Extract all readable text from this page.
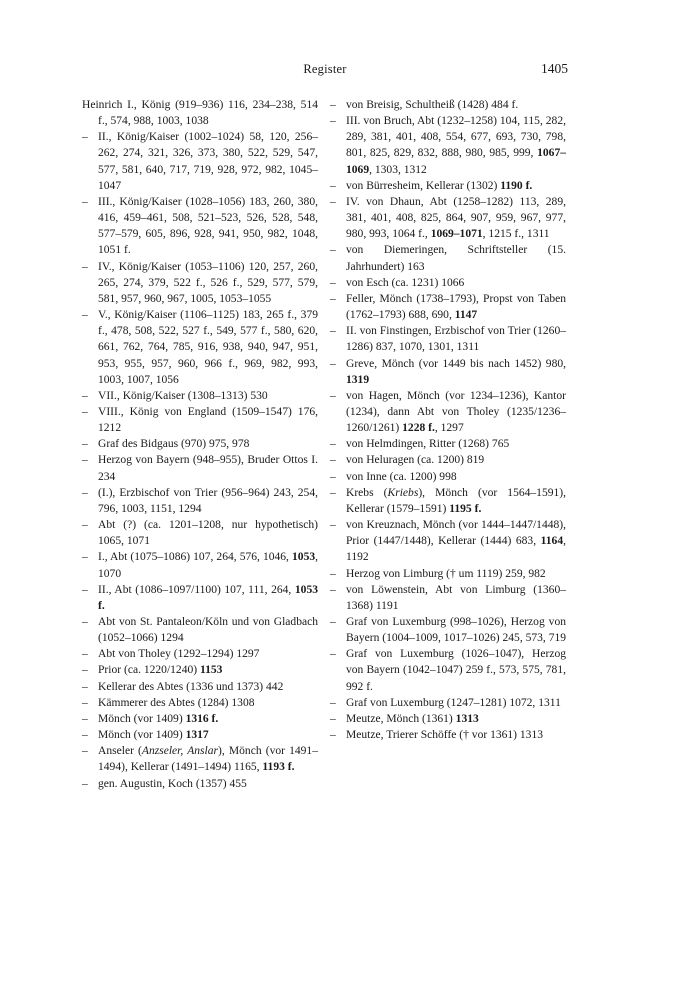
Register	1405
Heinrich I., König (919–936) 116, 234–238, 514 f., 574, 988, 1003, 1038
– II., König/Kaiser (1002–1024) 58, 120, 256–262, 274, 321, 326, 373, 380, 522, 529, 547, 577, 581, 640, 717, 719, 928, 972, 982, 1045–1047
– III., König/Kaiser (1028–1056) 183, 260, 380, 416, 459–461, 508, 521–523, 526, 528, 548, 577–579, 605, 896, 928, 941, 950, 982, 1048, 1051 f.
– IV., König/Kaiser (1053–1106) 120, 257, 260, 265, 274, 379, 522 f., 526 f., 529, 577, 579, 581, 957, 960, 967, 1005, 1053–1055
– V., König/Kaiser (1106–1125) 183, 265 f., 379 f., 478, 508, 522, 527 f., 549, 577 f., 580, 620, 661, 762, 764, 785, 916, 938, 940, 947, 951, 953, 955, 957, 960, 966 f., 969, 982, 993, 1003, 1007, 1056
– VII., König/Kaiser (1308–1313) 530
– VIII., König von England (1509–1547) 176, 1212
– Graf des Bidgaus (970) 975, 978
– Herzog von Bayern (948–955), Bruder Ottos I. 234
– (I.), Erzbischof von Trier (956–964) 243, 254, 796, 1003, 1151, 1294
– Abt (?) (ca. 1201–1208, nur hypothetisch) 1065, 1071
– I., Abt (1075–1086) 107, 264, 576, 1046, 1053, 1070
– II., Abt (1086–1097/1100) 107, 111, 264, 1053 f.
– Abt von St. Pantaleon/Köln und von Gladbach (1052–1066) 1294
– Abt von Tholey (1292–1294) 1297
– Prior (ca. 1220/1240) 1153
– Kellerar des Abtes (1336 und 1373) 442
– Kämmerer des Abtes (1284) 1308
– Mönch (vor 1409) 1316 f.
– Mönch (vor 1409) 1317
– Anseler (Anzseler, Anslar), Mönch (vor 1491–1494), Kellerar (1491–1494) 1165, 1193 f.
– gen. Augustin, Koch (1357) 455
– von Breisig, Schultheiß (1428) 484 f.
– III. von Bruch, Abt (1232–1258) 104, 115, 282, 289, 381, 401, 408, 554, 677, 693, 730, 798, 801, 825, 829, 832, 888, 980, 985, 999, 1067–1069, 1303, 1312
– von Bürresheim, Kellerar (1302) 1190 f.
– IV. von Dhaun, Abt (1258–1282) 113, 289, 381, 401, 408, 825, 864, 907, 959, 967, 977, 980, 993, 1064 f., 1069–1071, 1215 f., 1311
– von Diemeringen, Schriftsteller (15. Jahrhundert) 163
– von Esch (ca. 1231) 1066
– Feller, Mönch (1738–1793), Propst von Taben (1762–1793) 688, 690, 1147
– II. von Finstingen, Erzbischof von Trier (1260–1286) 837, 1070, 1301, 1311
– Greve, Mönch (vor 1449 bis nach 1452) 980, 1319
– von Hagen, Mönch (vor 1234–1236), Kantor (1234), dann Abt von Tholey (1235/1236–1260/1261) 1228 f., 1297
– von Helmdingen, Ritter (1268) 765
– von Heluragen (ca. 1200) 819
– von Inne (ca. 1200) 998
– Krebs (Kriebs), Mönch (vor 1564–1591), Kellerar (1579–1591) 1195 f.
– von Kreuznach, Mönch (vor 1444–1447/1448), Prior (1447/1448), Kellerar (1444) 683, 1164, 1192
– Herzog von Limburg († um 1119) 259, 982
– von Löwenstein, Abt von Limburg (1360–1368) 1191
– Graf von Luxemburg (998–1026), Herzog von Bayern (1004–1009, 1017–1026) 245, 573, 719
– Graf von Luxemburg (1026–1047), Herzog von Bayern (1042–1047) 259 f., 573, 575, 781, 992 f.
– Graf von Luxemburg (1247–1281) 1072, 1311
– Meutze, Mönch (1361) 1313
– Meutze, Trierer Schöffe († vor 1361) 1313
